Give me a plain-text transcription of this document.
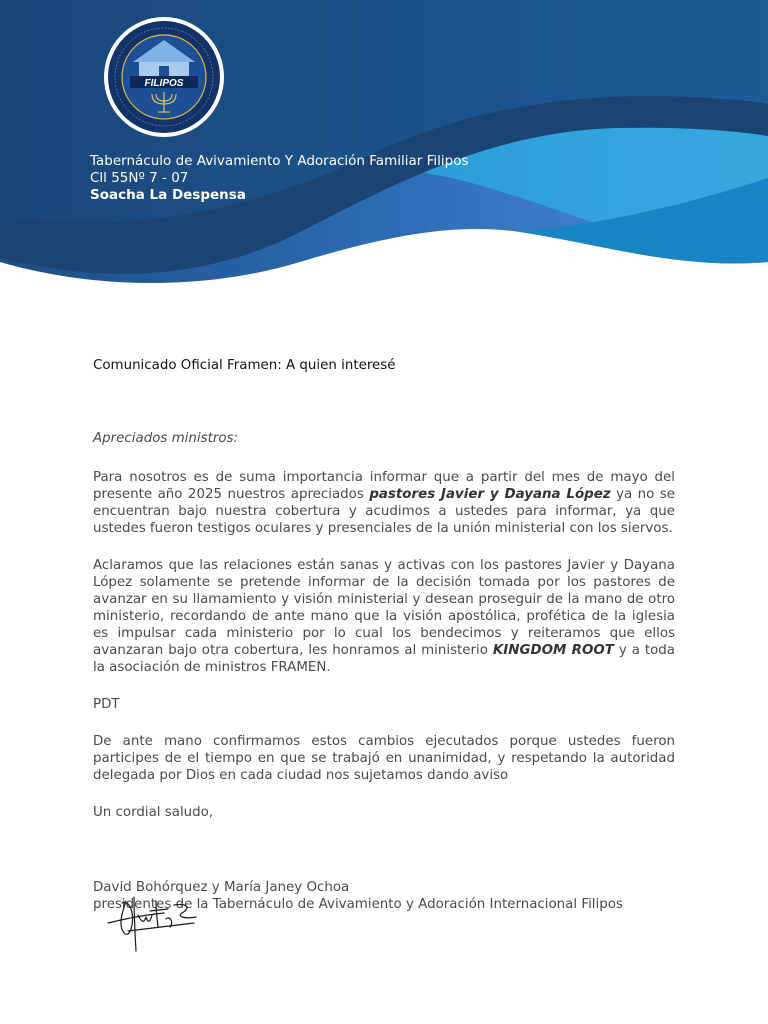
FILIPOS
Tabernáculo de Avivamiento Y Adoración Familiar Filipos
Cll 55Nº 7 - 07
Soacha La Despensa

Comunicado Oficial Framen: A quien interesé

Apreciados ministros:

Para nosotros es de suma importancia informar que a partir del mes de mayo del presente año 2025 nuestros apreciados pastores Javier y Dayana López ya no se encuentran bajo nuestra cobertura y acudimos a ustedes para informar, ya que ustedes fueron testigos oculares y presenciales de la unión ministerial con los siervos.

Aclaramos que las relaciones están sanas y activas con los pastores Javier y Dayana López solamente se pretende informar de la decisión tomada por los pastores de avanzar en su llamamiento y visión ministerial y desean proseguir de la mano de otro ministerio, recordando de ante mano que la visión apostólica, profética de la iglesia es impulsar cada ministerio por lo cual los bendecimos y reiteramos que ellos avanzaran bajo otra cobertura, les honramos al ministerio KINGDOM ROOT y a toda la asociación de ministros FRAMEN.

PDT

De ante mano confirmamos estos cambios ejecutados porque ustedes fueron participes de el tiempo en que se trabajó en unanimidad, y respetando la autoridad delegada por Dios en cada ciudad nos sujetamos dando aviso

Un cordial saludo,

David Bohórquez y María Janey Ochoa

presidentes de la Tabernáculo de Avivamiento y Adoración Internacional Filipos
